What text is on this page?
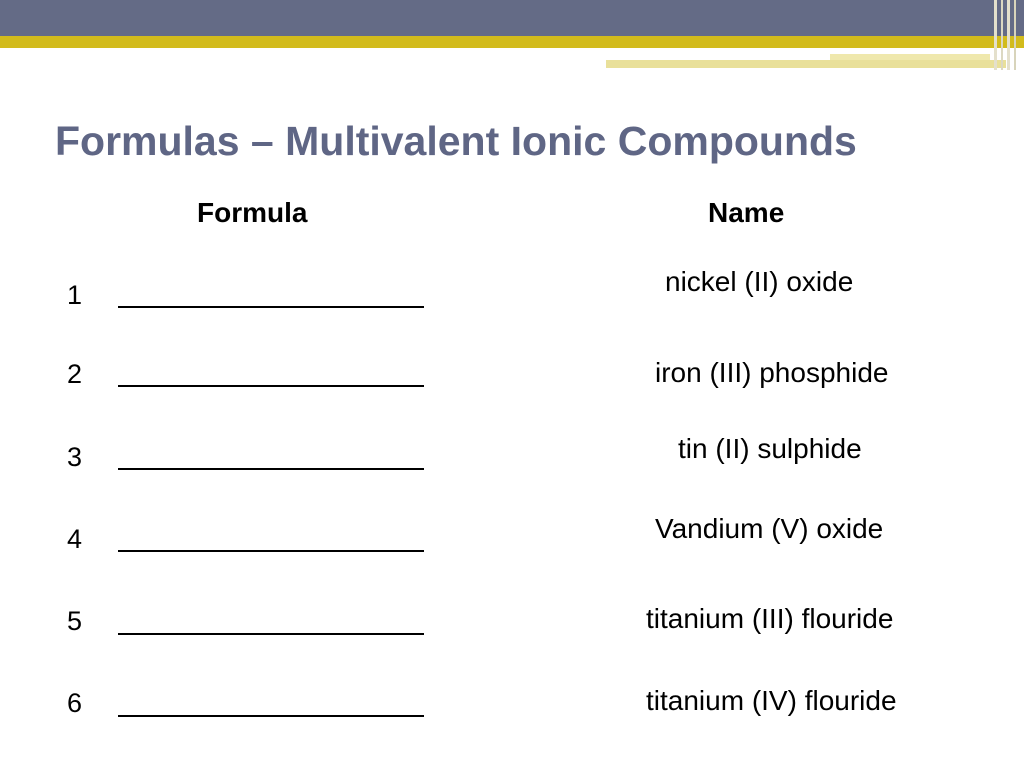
Formulas – Multivalent Ionic Compounds
Formula	Name
1	nickel (II) oxide
2	iron (III) phosphide
3	tin (II) sulphide
4	Vandium (V) oxide
5	titanium (III) flouride
6	titanium (IV) flouride
